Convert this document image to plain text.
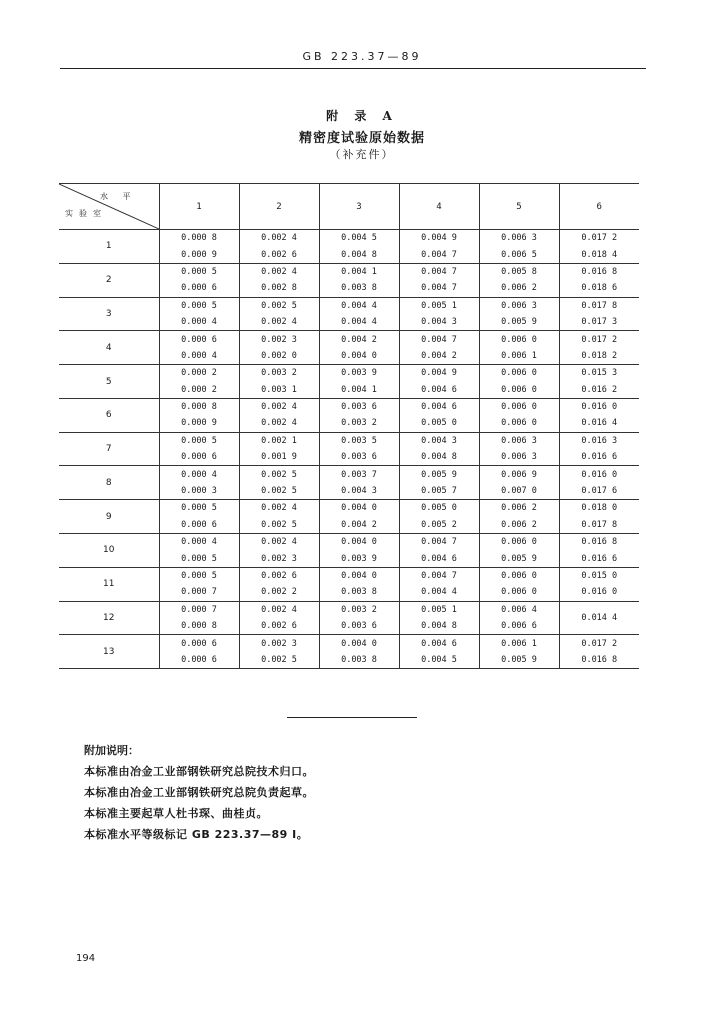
GB 223.37—89
附 录 A
精密度试验原始数据
（补充件）
水 平
实验室	1	2	3	4	5	6
1	0.000 8	0.002 4	0.004 5	0.004 9	0.006 3	0.017 2
	0.000 9	0.002 6	0.004 8	0.004 7	0.006 5	0.018 4
2	0.000 5	0.002 4	0.004 1	0.004 7	0.005 8	0.016 8
	0.000 6	0.002 8	0.003 8	0.004 7	0.006 2	0.018 6
3	0.000 5	0.002 5	0.004 4	0.005 1	0.006 3	0.017 8
	0.000 4	0.002 4	0.004 4	0.004 3	0.005 9	0.017 3
4	0.000 6	0.002 3	0.004 2	0.004 7	0.006 0	0.017 2
	0.000 4	0.002 0	0.004 0	0.004 2	0.006 1	0.018 2
5	0.000 2	0.003 2	0.003 9	0.004 9	0.006 0	0.015 3
	0.000 2	0.003 1	0.004 1	0.004 6	0.006 0	0.016 2
6	0.000 8	0.002 4	0.003 6	0.004 6	0.006 0	0.016 0
	0.000 9	0.002 4	0.003 2	0.005 0	0.006 0	0.016 4
7	0.000 5	0.002 1	0.003 5	0.004 3	0.006 3	0.016 3
	0.000 6	0.001 9	0.003 6	0.004 8	0.006 3	0.016 6
8	0.000 4	0.002 5	0.003 7	0.005 9	0.006 9	0.016 0
	0.000 3	0.002 5	0.004 3	0.005 7	0.007 0	0.017 6
9	0.000 5	0.002 4	0.004 0	0.005 0	0.006 2	0.018 0
	0.000 6	0.002 5	0.004 2	0.005 2	0.006 2	0.017 8
10	0.000 4	0.002 4	0.004 0	0.004 7	0.006 0	0.016 8
	0.000 5	0.002 3	0.003 9	0.004 6	0.005 9	0.016 6
11	0.000 5	0.002 6	0.004 0	0.004 7	0.006 0	0.015 0
	0.000 7	0.002 2	0.003 8	0.004 4	0.006 0	0.016 0
12	0.000 7	0.002 4	0.003 2	0.005 1	0.006 4	0.014 4
	0.000 8	0.002 6	0.003 6	0.004 8	0.006 6	
13	0.000 6	0.002 3	0.004 0	0.004 6	0.006 1	0.017 2
	0.000 6	0.002 5	0.003 8	0.004 5	0.005 9	0.016 8
附加说明：
本标准由冶金工业部钢铁研究总院技术归口。
本标准由冶金工业部钢铁研究总院负责起草。
本标准主要起草人杜书琛、曲桂贞。
本标准水平等级标记 GB 223.37—89 Ⅰ。
194
